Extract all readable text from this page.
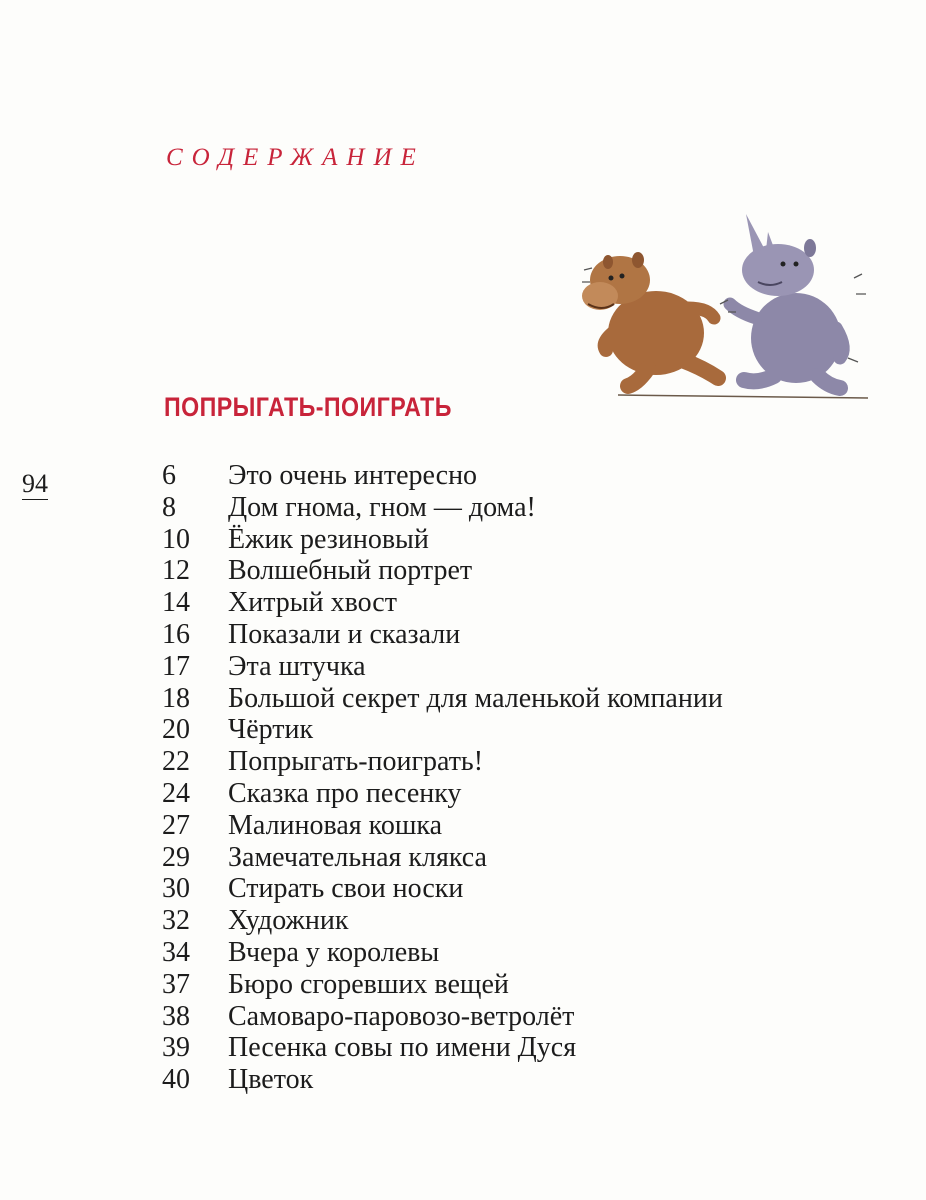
СОДЕРЖАНИЕ
ПОПРЫГАТЬ-ПОИГРАТЬ
94	6	Это очень интересно
8	Дом гнома, гном — дома!
10	Ёжик резиновый
12	Волшебный портрет
14	Хитрый хвост
16	Показали и сказали
17	Эта штучка
18	Большой секрет для маленькой компании
20	Чёртик
22	Попрыгать-поиграть!
24	Сказка про песенку
27	Малиновая кошка
29	Замечательная клякса
30	Стирать свои носки
32	Художник
34	Вчера у королевы
37	Бюро сгоревших вещей
38	Самоваро-паровозо-ветролёт
39	Песенка совы по имени Дуся
40	Цветок
